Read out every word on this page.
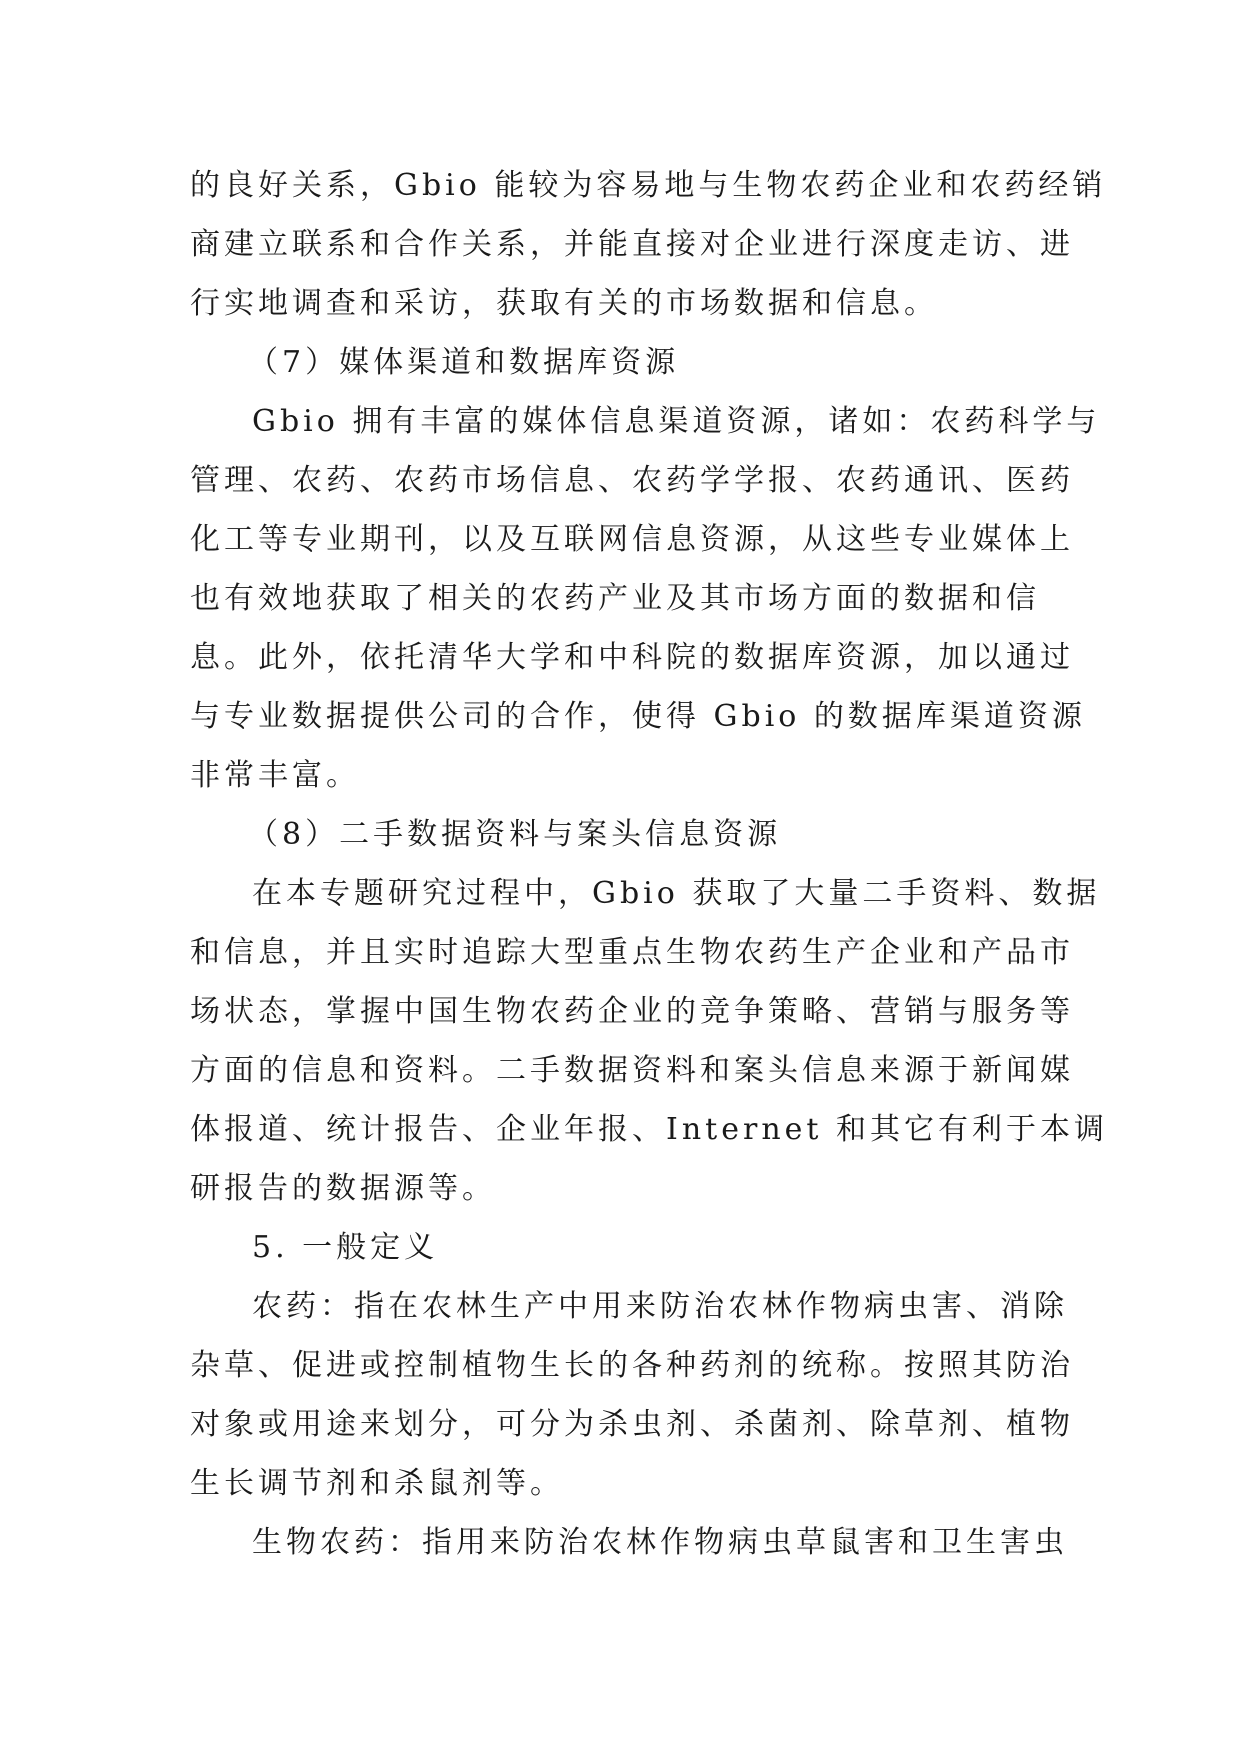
的良好关系，Gbio 能较为容易地与生物农药企业和农药经销
商建立联系和合作关系，并能直接对企业进行深度走访、进
行实地调查和采访，获取有关的市场数据和信息。
（7）媒体渠道和数据库资源
Gbio 拥有丰富的媒体信息渠道资源，诸如：农药科学与
管理、农药、农药市场信息、农药学学报、农药通讯、医药
化工等专业期刊，以及互联网信息资源，从这些专业媒体上
也有效地获取了相关的农药产业及其市场方面的数据和信
息。此外，依托清华大学和中科院的数据库资源，加以通过
与专业数据提供公司的合作，使得 Gbio 的数据库渠道资源
非常丰富。
（8）二手数据资料与案头信息资源
在本专题研究过程中，Gbio 获取了大量二手资料、数据
和信息，并且实时追踪大型重点生物农药生产企业和产品市
场状态，掌握中国生物农药企业的竞争策略、营销与服务等
方面的信息和资料。二手数据资料和案头信息来源于新闻媒
体报道、统计报告、企业年报、Internet 和其它有利于本调
研报告的数据源等。
5. 一般定义
农药：指在农林生产中用来防治农林作物病虫害、消除
杂草、促进或控制植物生长的各种药剂的统称。按照其防治
对象或用途来划分，可分为杀虫剂、杀菌剂、除草剂、植物
生长调节剂和杀鼠剂等。
生物农药：指用来防治农林作物病虫草鼠害和卫生害虫
